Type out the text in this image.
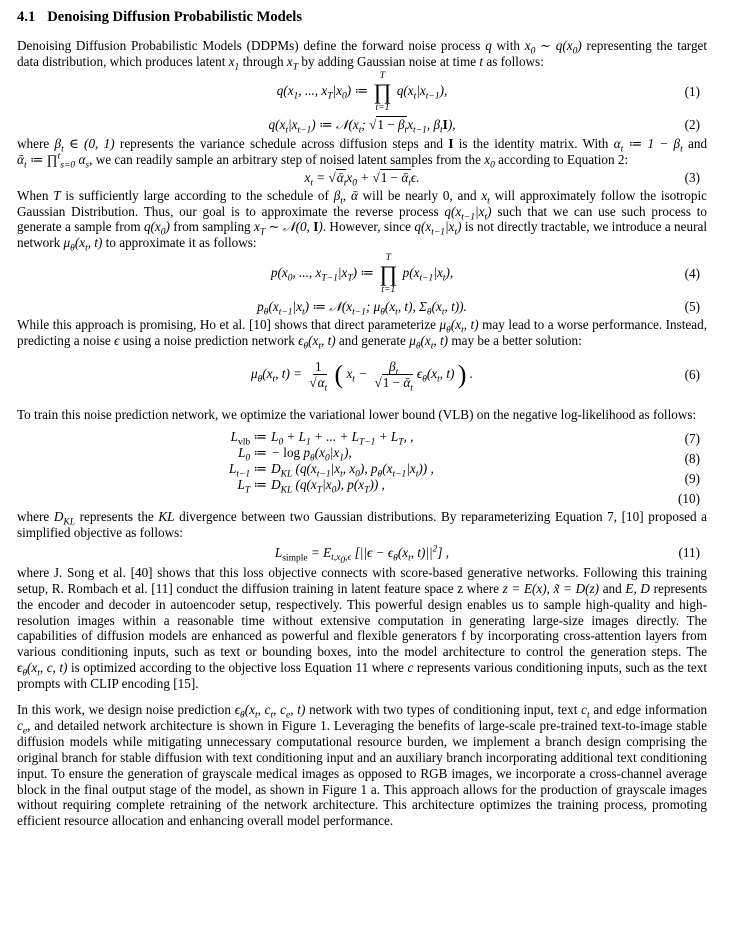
4.1 Denoising Diffusion Probabilistic Models

Denoising Diffusion Probabilistic Models (DDPMs) define the forward noise process q with $x_0$ ∼ $q(x_0)$ representing the target data distribution, which produces latent $x_1$ through $x_T$ by adding Gaussian noise at time t as follows:

$q(x_1$, ..., $x_T|x_0$) ≔
T
∏
t=1
$q(x_t|x_{t-1})$,	(1)
$q(x_t|x_{t-1})$ ≔ $𝒩(x_t$; $√1 - \beta_tx_{t-1}$, $\beta_tI$),	(2)

where $\beta_t$ ∈ (0, 1) represents the variance schedule across diffusion steps and I is the identity matrix. With $\alpha_t$ ≔ $1 - \beta_t$ and ᾱ$_t$ ≔ ∏$^t_{s=0}$ $\alpha_s$, we can readily sample an arbitrary step of noised latent samples from the $x_0$ according to Equation 2:

$x_t$ = $√ᾱ_tx_0 + √1$ − ᾱ$_t$ϵ.	(3)

When T is sufficiently large according to the schedule of $\beta_t$, ᾱ will be nearly 0, and $x_t$ will approximately follow the isotropic Gaussian Distribution. Thus, our goal is to approximate the reverse process $q(x_{t-1}|x_t)$ such that we can use such process to generate a sample from $q(x_0)$ from sampling $x_T$ ∼ 𝒩(0, I). However, since $q(x_{t-1}|x_t)$ is not directly tractable, we introduce a neural network $\mu_\theta(x_t$, t) to approximate it as follows:

$p(x_0$, ..., $x_{T-1}|x_T$) ≔
T
∏
t=1
$p(x_{t-1}|x_t)$,	(4)
$p_\theta(x_{t-1}|x_t)$ ≔ $𝒩(x_{t-1}$; $\mu_\theta(x_t$, t), $\Sigma_\theta(x_t$, t)).	(5)

While this approach is promising, Ho et al. [10] shows that direct parameterize $\mu_\theta(x_t$, t) may lead to a worse performance. Instead, predicting a noise ϵ using a noise prediction network $\epsilon_\theta(x_t$, t) and generate $\mu_\theta(x_t$, t) may be a better solution:

$\mu_\theta(x_t$, $t) = \frac{1}{√\alpha_t}$ ( $x_t - \frac{\beta_t}{√1 - ᾱ_t} \epsilon_\theta(x_t$, t) ) .	(6)

To train this noise prediction network, we optimize the variational lower bound (VLB) on the negative log-likelihood as follows:

$L_{vlb}$ ≔ $L_0 + L_1$ + ... + $L_{T-1} + L_T$, ,
$L_0$ ≔ − $\log p_\theta(x_0|x_1)$,
$L_{t-1}$ ≔ $D_{KL}$ ($q(x_{t-1}|x_t$, $x_0$), $p_\theta(x_{t-1}|x_t)$) ,
$L_T$ ≔ $D_{KL}$ ($q(x_T|x_0)$, $p(x_T)$) ,
(7)
(8)
(9)
(10)

where $D_{KL}$ represents the KL divergence between two Gaussian distributions. By reparameterizing Equation 7, [10] proposed a simplified objective as follows:

$L_{simple} = E_{t,x_0,\epsilon}$ [$||\epsilon - \epsilon_\theta(x_t$, $t)||^2$] ,	(11)

where J. Song et al. [40] shows that this loss objective connects with score-based generative networks. Following this training setup, R. Rombach et al. [11] conduct the diffusion training in latent feature space z where z = E(x), x̃ = D(z) and E, D represents the encoder and decoder in autoencoder setup, respectively. This powerful design enables us to sample high-quality and high-resolution images within a reasonable time without extensive computation in generating large-size images directly. The capabilities of diffusion models are enhanced as powerful and flexible generators f by incorporating cross-attention layers from various conditioning inputs, such as text or bounding boxes, into the model architecture to control the generation steps. The $\epsilon_\theta(x_t$, c, t) is optimized according to the objective loss Equation 11 where c represents various conditioning inputs, such as the text prompts with CLIP encoding [15].

In this work, we design noise prediction $\epsilon_\theta(x_t$, $c_t$, $c_e$, t) network with two types of conditioning input, text $c_t$ and edge information $c_e$, and detailed network architecture is shown in Figure 1. Leveraging the benefits of large-scale pre-trained text-to-image stable diffusion models while mitigating unnecessary computational resource burden, we implement a branch design comprising the original branch for stable diffusion with text conditioning input and an auxiliary branch incorporating additional text conditioning input. To ensure the generation of grayscale medical images as opposed to RGB images, we incorporate a cross-channel average block in the final output stage of the model, as shown in Figure 1 a. This approach allows for the production of grayscale images without requiring complete retraining of the network architecture. This architecture optimizes the training process, promoting efficient resource allocation and enhancing overall model performance.
